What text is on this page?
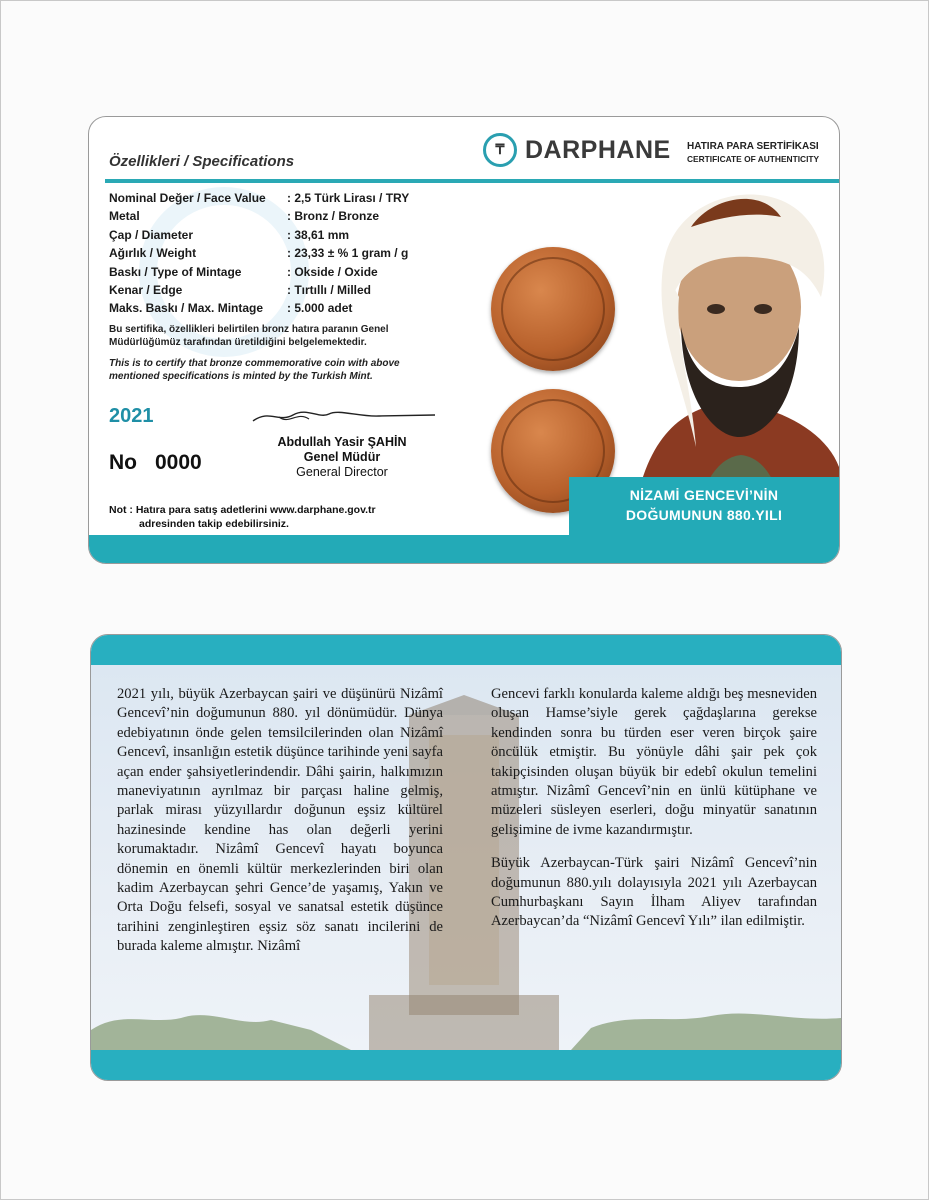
Özellikleri / Specifications
₸ DARPHANE HATIRA PARA SERTİFİKASI
CERTIFICATE OF AUTHENTICITY
Nominal Değer / Face Value	: 2,5 Türk Lirası / TRY
Metal	: Bronz / Bronze
Çap / Diameter	: 38,61 mm
Ağırlık / Weight	: 23,33 ± % 1 gram / g
Baskı / Type of Mintage	: Okside / Oxide
Kenar / Edge	: Tırtıllı / Milled
Maks. Baskı / Max. Mintage	: 5.000 adet
Bu sertifika, özellikleri belirtilen bronz hatıra paranın Genel Müdürlüğümüz tarafından üretildiğini belgelemektedir.
This is to certify that bronze commemorative coin with above mentioned specifications is minted by the Turkish Mint.
2021
No 0000
Abdullah Yasir ŞAHİN
Genel Müdür
General Director
Not : Hatıra para satış adetlerini www.darphane.gov.tr
adresinden takip edebilirsiniz.
NİZAMİ GENCEVİ’NİN
DOĞUMUNUN 880.YILI

2021 yılı, büyük Azerbaycan şairi ve düşünürü Nizâmî Gencevî’nin doğumunun 880. yıl dönümüdür. Dünya edebiyatının önde gelen temsilcilerinden olan Nizâmî Gencevî, insanlığın estetik düşünce tarihinde yeni sayfa açan ender şahsiyetlerindendir. Dâhi şairin, halkımızın maneviyatının ayrılmaz bir parçası haline gelmiş, parlak mirası yüzyıllardır doğunun eşsiz kültürel hazinesinde kendine has olan değerli yerini korumaktadır. Nizâmî Gencevî hayatı boyunca dönemin en önemli kültür merkezlerinden biri olan kadim Azerbaycan şehri Gence’de yaşamış, Yakın ve Orta Doğu felsefi, sosyal ve sanatsal estetik düşünce tarihini zenginleştiren eşsiz söz sanatı incilerini de burada kaleme almıştır. Nizâmî

Gencevi farklı konularda kaleme aldığı beş mesneviden oluşan Hamse’siyle gerek çağdaşlarına gerekse kendinden sonra bu türden eser veren birçok şaire öncülük etmiştir. Bu yönüyle dâhi şair pek çok takipçisinden oluşan büyük bir edebî okulun temelini atmıştır. Nizâmî Gencevî’nin en ünlü kütüphane ve müzeleri süsleyen eserleri, doğu minyatür sanatının gelişimine de ivme kazandırmıştır.

Büyük Azerbaycan-Türk şairi Nizâmî Gencevî’nin doğumunun 880.yılı dolayısıyla 2021 yılı Azerbaycan Cumhurbaşkanı Sayın İlham Aliyev tarafından Azerbaycan’da “Nizâmî Gencevî Yılı” ilan edilmiştir.
